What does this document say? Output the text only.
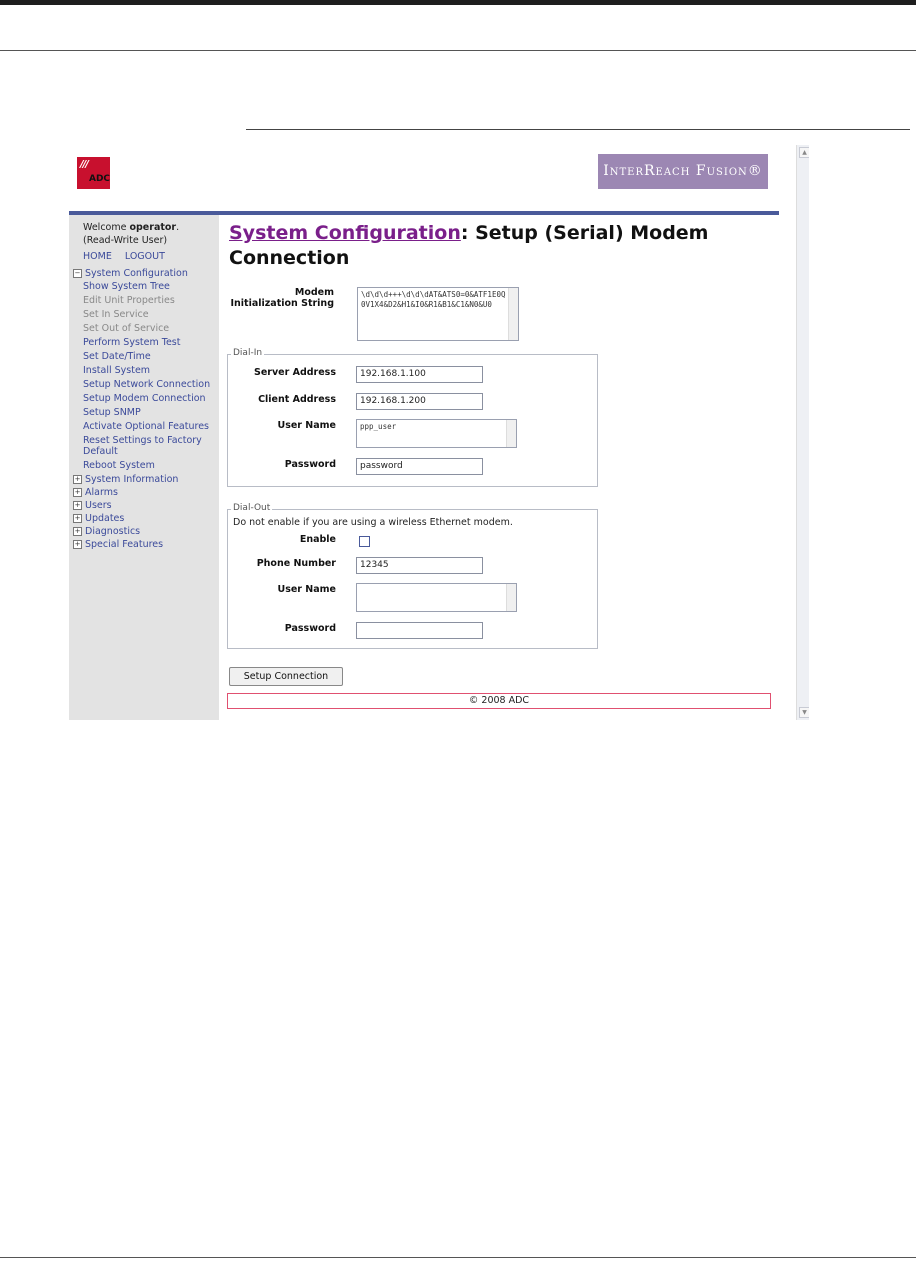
///
ADC	InterReach Fusion®
▲
▼
Welcome operator.
(Read-Write User)
HOME LOGOUT
− System Configuration
Show System Tree
Edit Unit Properties
Set In Service
Set Out of Service
Perform System Test
Set Date/Time
Install System
Setup Network Connection
Setup Modem Connection
Setup SNMP
Activate Optional Features
Reset Settings to Factory Default
Reboot System
+ System Information
+ Alarms
+ Users
+ Updates
+ Diagnostics
+ Special Features
System Configuration: Setup (Serial) Modem Connection
Modem Initialization String
\d\d\d+++\d\d\dAT&ATS0=0&ATF1E0Q0V1X4&D2&H1&I0&R1&B1&C1&N0&U0
Dial-In
Server Address	192.168.1.100
Client Address	192.168.1.200
User Name	ppp_user
Password	password
Dial-Out
Do not enable if you are using a wireless Ethernet modem.
Enable
Phone Number	12345
User Name
Password
Setup Connection
© 2008 ADC
